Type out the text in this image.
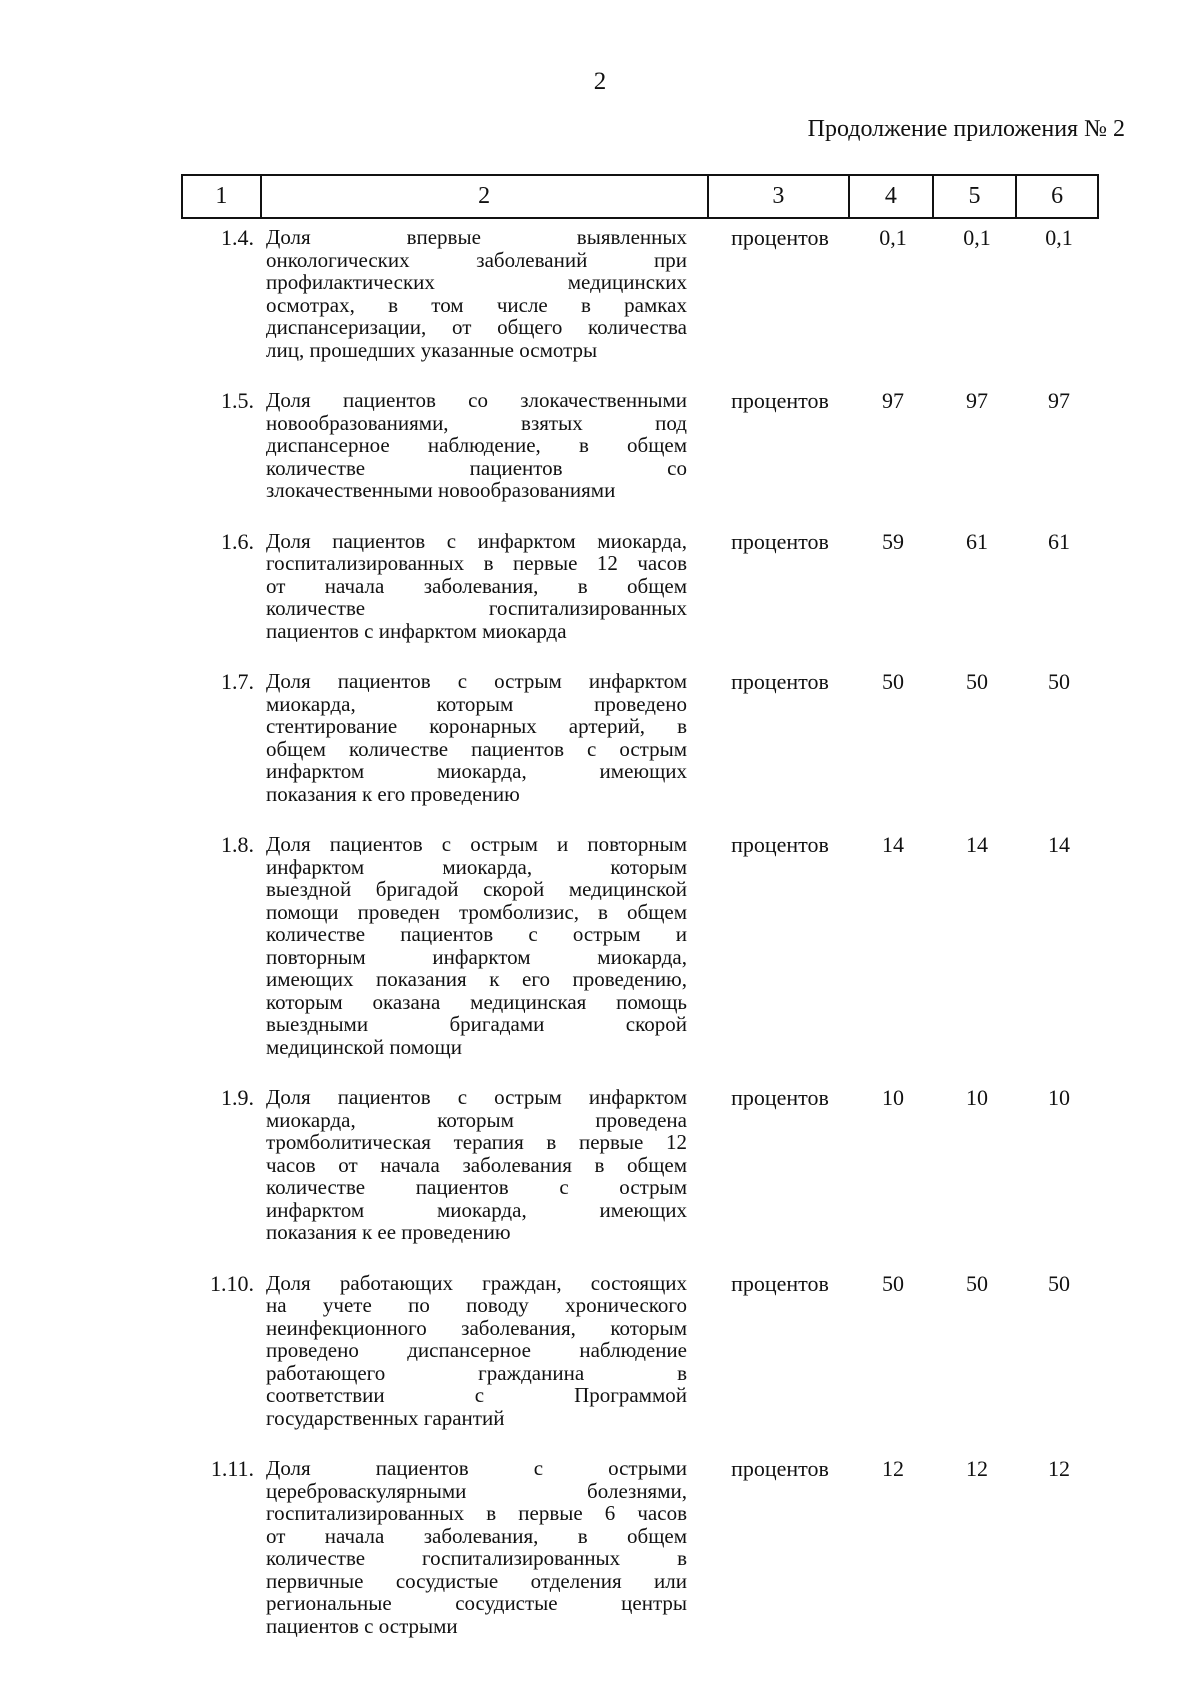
2
Продолжение приложения № 2
1	2	3	4	5	6
1.4. Доля впервые выявленных
онкологических заболеваний при
профилактических медицинских
осмотрах, в том числе в рамках
диспансеризации, от общего количества
лиц, прошедших указанные осмотры
процентов	0,1	0,1	0,1
1.5. Доля пациентов со злокачественными
новообразованиями, взятых под
диспансерное наблюдение, в общем
количестве пациентов со
злокачественными новообразованиями
процентов	97	97	97
1.6. Доля пациентов с инфарктом миокарда,
госпитализированных в первые 12 часов
от начала заболевания, в общем
количестве госпитализированных
пациентов с инфарктом миокарда
процентов	59	61	61
1.7. Доля пациентов с острым инфарктом
миокарда, которым проведено
стентирование коронарных артерий, в
общем количестве пациентов с острым
инфарктом миокарда, имеющих
показания к его проведению
процентов	50	50	50
1.8. Доля пациентов с острым и повторным
инфарктом миокарда, которым
выездной бригадой скорой медицинской
помощи проведен тромболизис, в общем
количестве пациентов с острым и
повторным инфарктом миокарда,
имеющих показания к его проведению,
которым оказана медицинская помощь
выездными бригадами скорой
медицинской помощи
процентов	14	14	14
1.9. Доля пациентов с острым инфарктом
миокарда, которым проведена
тромболитическая терапия в первые 12
часов от начала заболевания в общем
количестве пациентов с острым
инфарктом миокарда, имеющих
показания к ее проведению
процентов	10	10	10
1.10. Доля работающих граждан, состоящих
на учете по поводу хронического
неинфекционного заболевания, которым
проведено диспансерное наблюдение
работающего гражданина в
соответствии с Программой
государственных гарантий
процентов	50	50	50
1.11. Доля пациентов с острыми
цереброваскулярными болезнями,
госпитализированных в первые 6 часов
от начала заболевания, в общем
количестве госпитализированных в
первичные сосудистые отделения или
региональные сосудистые центры
пациентов с острыми
процентов	12	12	12
